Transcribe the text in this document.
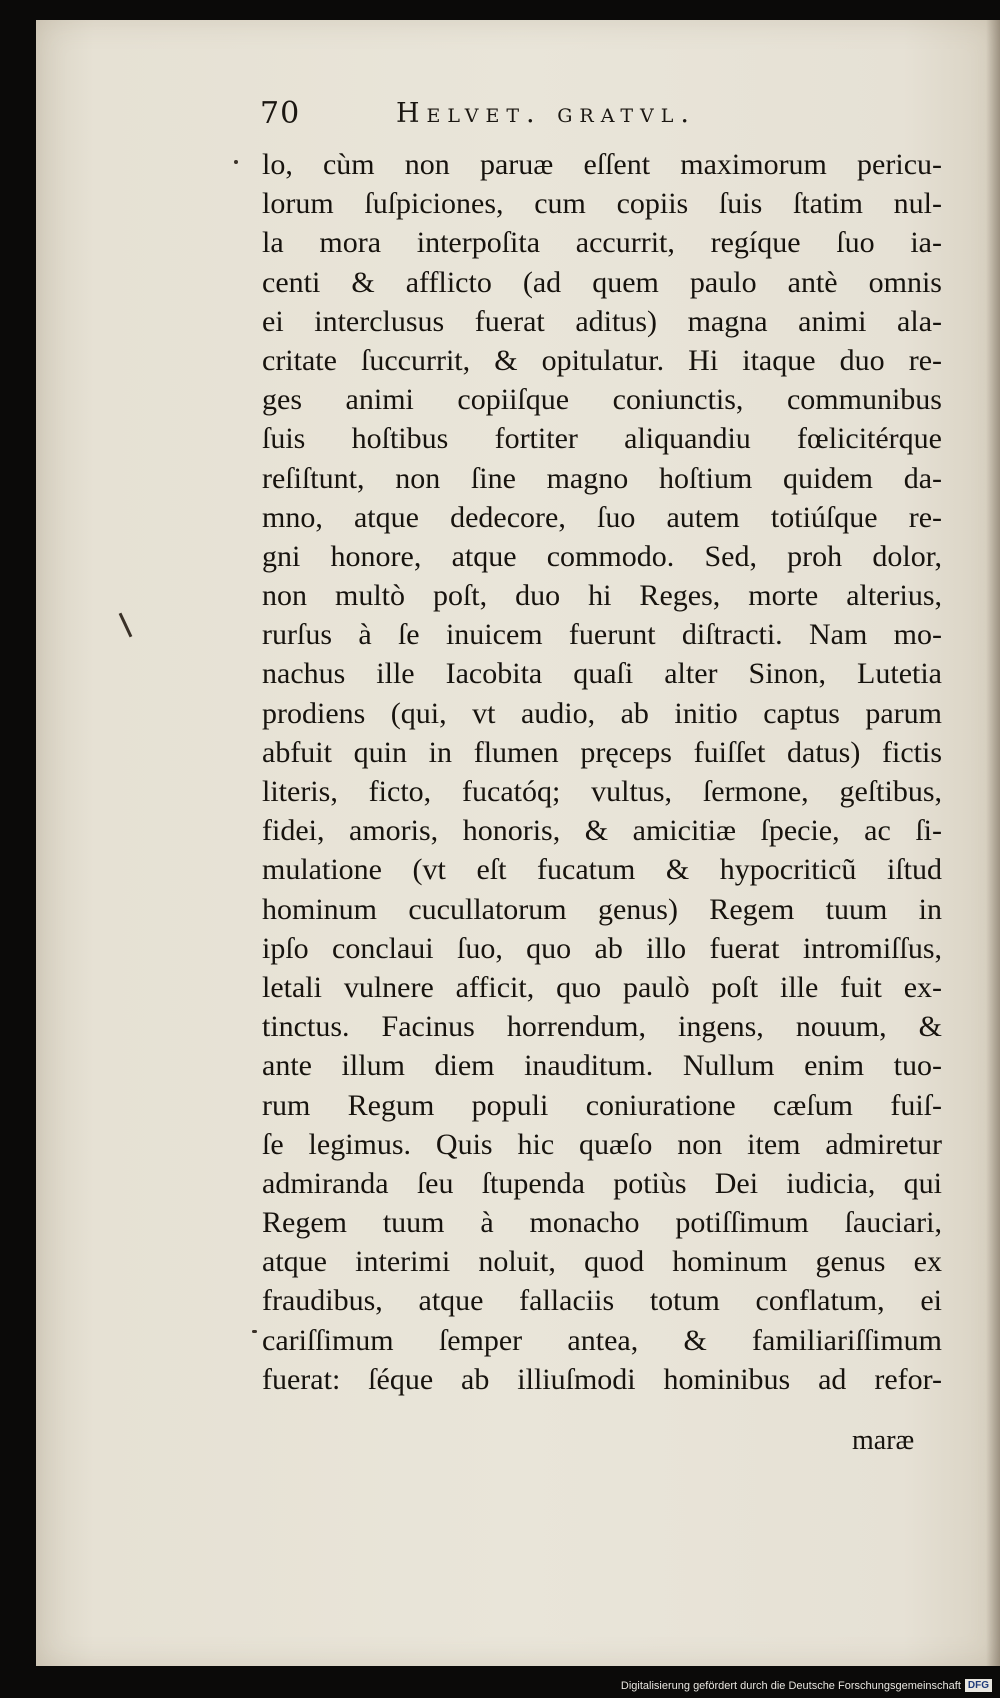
70	Helvet. gratvl.
lo, cùm non paruæ eſſent maximorum pericu-
lorum ſuſpiciones, cum copiis ſuis ſtatim nul-
la mora interpoſita accurrit, regíque ſuo ia-
centi & afflicto (ad quem paulo antè omnis
ei interclusus fuerat aditus) magna animi ala-
critate ſuccurrit, & opitulatur. Hi itaque duo re-
ges animi copiiſque coniunctis, communibus
ſuis hoſtibus fortiter aliquandiu fœlicitérque
reſiſtunt, non ſine magno hoſtium quidem da-
mno, atque dedecore, ſuo autem totiúſque re-
gni honore, atque commodo. Sed, proh dolor,
non multò poſt, duo hi Reges, morte alterius,
rurſus à ſe inuicem fuerunt diſtracti. Nam mo-
nachus ille Iacobita quaſi alter Sinon, Lutetia
prodiens (qui, vt audio, ab initio captus parum
abfuit quin in flumen pręceps fuiſſet datus) fictis
literis, ficto, fucatóq; vultus, ſermone, geſtibus,
fidei, amoris, honoris, & amicitiæ ſpecie, ac ſi-
mulatione (vt eſt fucatum & hypocriticũ iſtud
hominum cucullatorum genus) Regem tuum in
ipſo conclaui ſuo, quo ab illo fuerat intromiſſus,
letali vulnere afficit, quo paulò poſt ille fuit ex-
tinctus. Facinus horrendum, ingens, nouum, &
ante illum diem inauditum. Nullum enim tuo-
rum Regum populi coniuratione cæſum fuiſ-
ſe legimus. Quis hic quæſo non item admiretur
admiranda ſeu ſtupenda potiùs Dei iudicia, qui
Regem tuum à monacho potiſſimum ſauciari,
atque interimi noluit, quod hominum genus ex
fraudibus, atque fallaciis totum conflatum, ei
cariſſimum ſemper antea, & familiariſſimum
fuerat: ſéque ab illiuſmodi hominibus ad refor-
maræ
Digitalisierung gefördert durch die Deutsche Forschungsgemeinschaft DFG
